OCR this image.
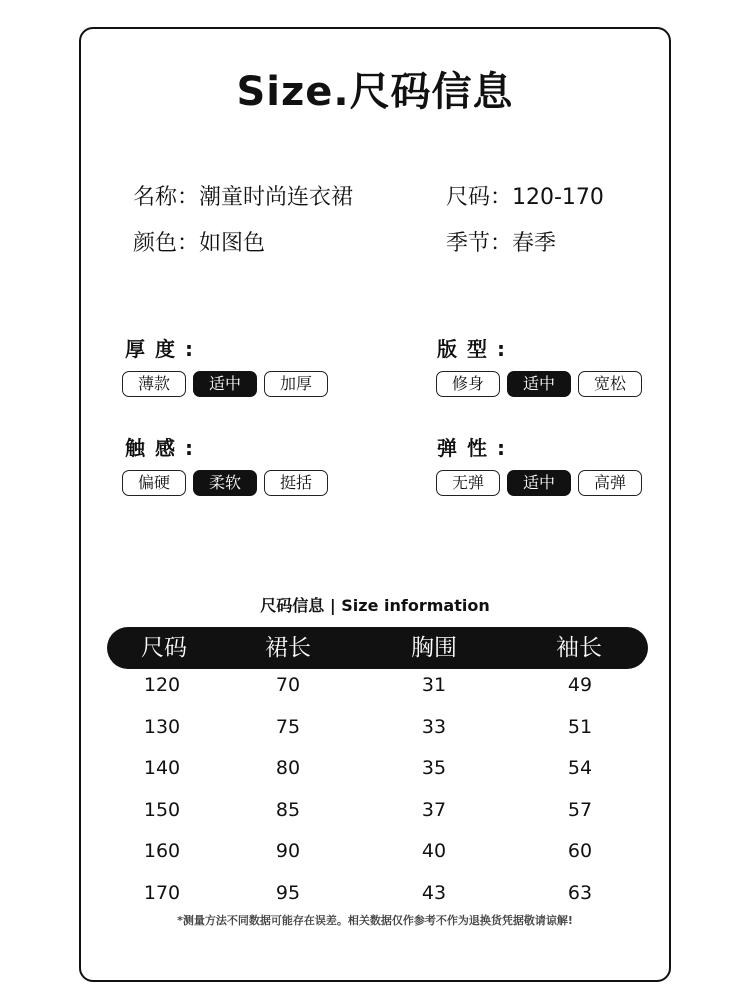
Size.尺码信息
名称：潮童时尚连衣裙	尺码：120-170
颜色：如图色	季节：春季
厚度:
薄款	适中	加厚
版型:
修身	适中	宽松
触感:
偏硬	柔软	挺括
弹性:
无弹	适中	高弹
尺码信息 | Size information
尺码	裙长	胸围	袖长
120	70	31	49
130	75	33	51
140	80	35	54
150	85	37	57
160	90	40	60
170	95	43	63
*测量方法不同数据可能存在误差。相关数据仅作参考不作为退换货凭据敬请谅解!
